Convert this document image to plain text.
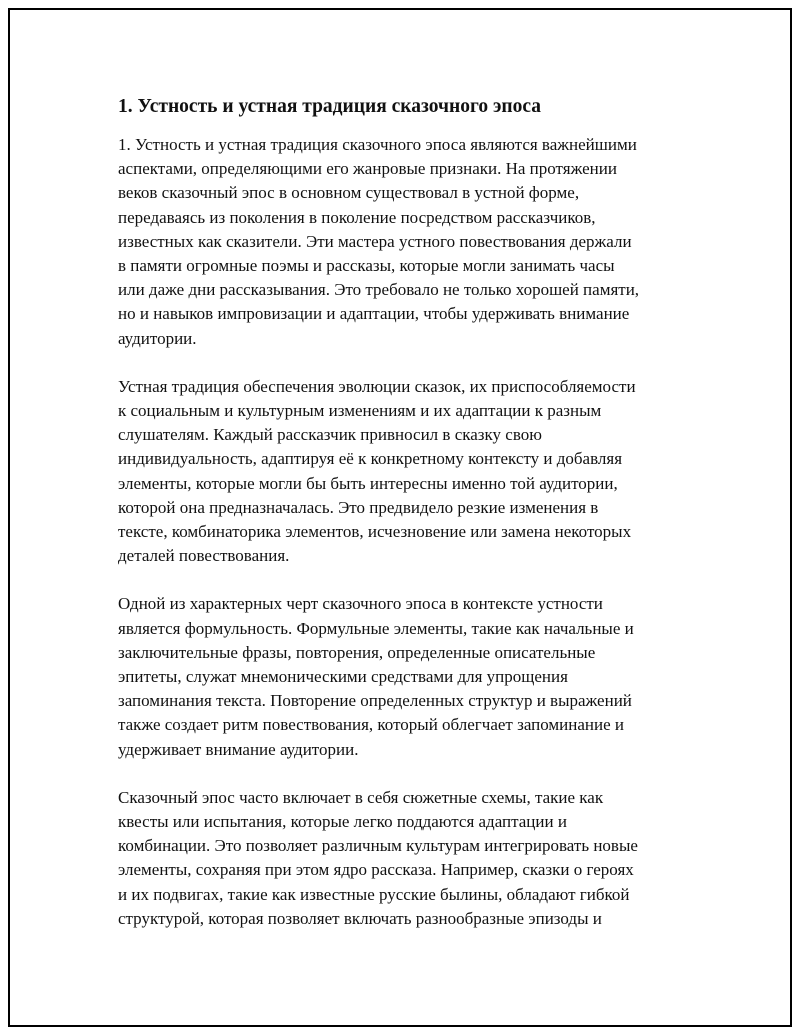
1. Устность и устная традиция сказочного эпоса

1. Устность и устная традиция сказочного эпоса являются важнейшими
аспектами, определяющими его жанровые признаки. На протяжении
веков сказочный эпос в основном существовал в устной форме,
передаваясь из поколения в поколение посредством рассказчиков,
известных как сказители. Эти мастера устного повествования держали
в памяти огромные поэмы и рассказы, которые могли занимать часы
или даже дни рассказывания. Это требовало не только хорошей памяти,
но и навыков импровизации и адаптации, чтобы удерживать внимание
аудитории.

Устная традиция обеспечения эволюции сказок, их приспособляемости
к социальным и культурным изменениям и их адаптации к разным
слушателям. Каждый рассказчик привносил в сказку свою
индивидуальность, адаптируя её к конкретному контексту и добавляя
элементы, которые могли бы быть интересны именно той аудитории,
которой она предназначалась. Это предвидело резкие изменения в
тексте, комбинаторика элементов, исчезновение или замена некоторых
деталей повествования.

Одной из характерных черт сказочного эпоса в контексте устности
является формульность. Формульные элементы, такие как начальные и
заключительные фразы, повторения, определенные описательные
эпитеты, служат мнемоническими средствами для упрощения
запоминания текста. Повторение определенных структур и выражений
также создает ритм повествования, который облегчает запоминание и
удерживает внимание аудитории.

Сказочный эпос часто включает в себя сюжетные схемы, такие как
квесты или испытания, которые легко поддаются адаптации и
комбинации. Это позволяет различным культурам интегрировать новые
элементы, сохраняя при этом ядро рассказа. Например, сказки о героях
и их подвигах, такие как известные русские былины, обладают гибкой
структурой, которая позволяет включать разнообразные эпизоды и
